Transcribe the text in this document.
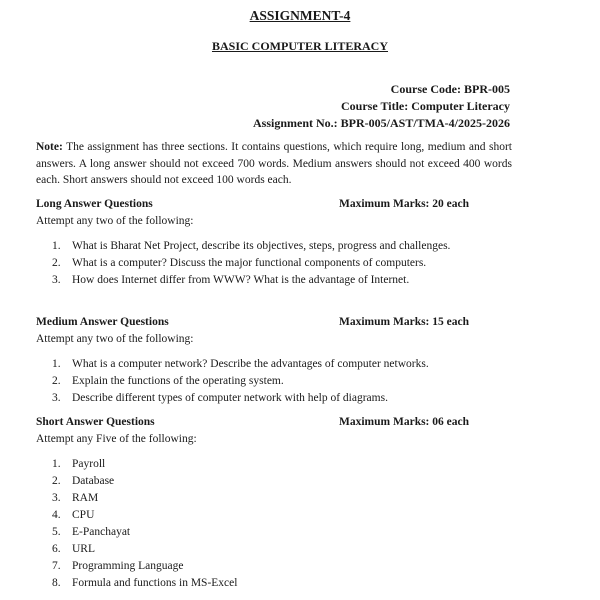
ASSIGNMENT-4
BASIC COMPUTER LITERACY
Course Code: BPR-005
Course Title: Computer Literacy
Assignment No.: BPR-005/AST/TMA-4/2025-2026
Note: The assignment has three sections. It contains questions, which require long, medium and short answers. A long answer should not exceed 700 words. Medium answers should not exceed 400 words each. Short answers should not exceed 100 words each.
Long Answer Questions	Maximum Marks: 20 each
Attempt any two of the following:
1. What is Bharat Net Project, describe its objectives, steps, progress and challenges.
2. What is a computer? Discuss the major functional components of computers.
3. How does Internet differ from WWW? What is the advantage of Internet.
Medium Answer Questions	Maximum Marks: 15 each
Attempt any two of the following:
1. What is a computer network? Describe the advantages of computer networks.
2. Explain the functions of the operating system.
3. Describe different types of computer network with help of diagrams.
Short Answer Questions	Maximum Marks: 06 each
Attempt any Five of the following:
1. Payroll
2. Database
3. RAM
4. CPU
5. E-Panchayat
6. URL
7. Programming Language
8. Formula and functions in MS-Excel
